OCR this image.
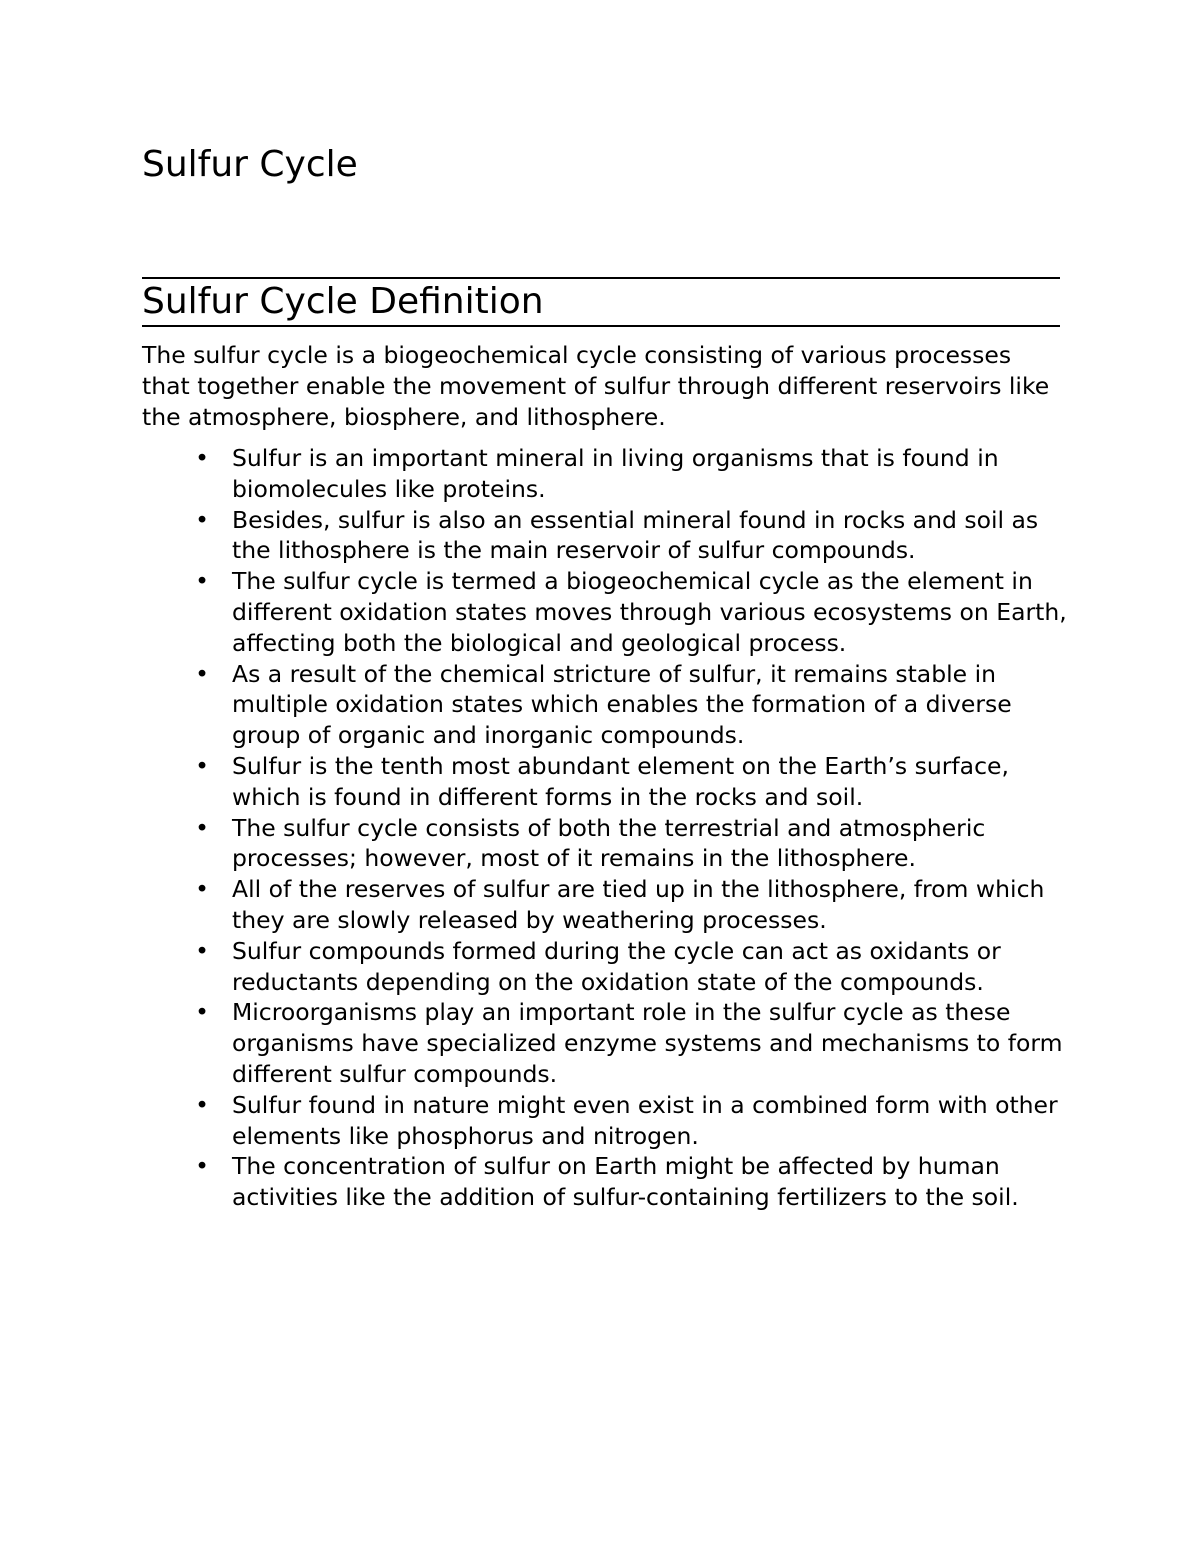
Sulfur Cycle
Sulfur Cycle Definition

The sulfur cycle is a biogeochemical cycle consisting of various processes that together enable the movement of sulfur through different reservoirs like the atmosphere, biosphere, and lithosphere.

• Sulfur is an important mineral in living organisms that is found in biomolecules like proteins.
• Besides, sulfur is also an essential mineral found in rocks and soil as the lithosphere is the main reservoir of sulfur compounds.
• The sulfur cycle is termed a biogeochemical cycle as the element in different oxidation states moves through various ecosystems on Earth, affecting both the biological and geological process.
• As a result of the chemical stricture of sulfur, it remains stable in multiple oxidation states which enables the formation of a diverse group of organic and inorganic compounds.
• Sulfur is the tenth most abundant element on the Earth’s surface, which is found in different forms in the rocks and soil.
• The sulfur cycle consists of both the terrestrial and atmospheric processes; however, most of it remains in the lithosphere.
• All of the reserves of sulfur are tied up in the lithosphere, from which they are slowly released by weathering processes.
• Sulfur compounds formed during the cycle can act as oxidants or reductants depending on the oxidation state of the compounds.
• Microorganisms play an important role in the sulfur cycle as these organisms have specialized enzyme systems and mechanisms to form different sulfur compounds.
• Sulfur found in nature might even exist in a combined form with other elements like phosphorus and nitrogen.
• The concentration of sulfur on Earth might be affected by human activities like the addition of sulfur-containing fertilizers to the soil.
